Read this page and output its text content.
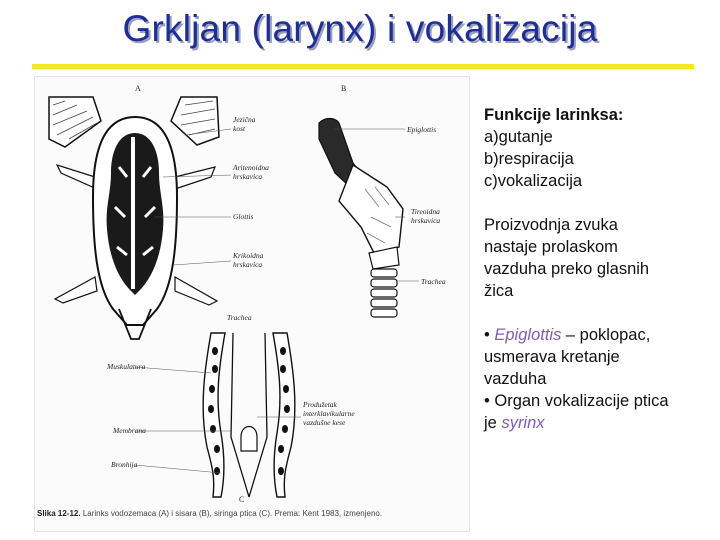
Grkljan (larynx) i vokalizacija
A	B
C
Jezična
kost
Aritenoidna
hrskavica
Glottis
Krikoidna
hrskavica
Trachea
Epiglottis
Tireoidna
hrskavica
Trachea
Muskulatura
Membrana
Bronhija
Produžetak
interklavikularne
vazdušne kese
Slika 12-12. Larinks vodozemaca (A) i sisara (B), siringa ptica (C). Prema: Kent 1983, izmenjeno.

Funkcije larinksa:

a)gutanje

b)respiracija

c)vokalizacija

Proizvodnja zvuka

nastaje prolaskom

vazduha preko glasnih

žica

• Epiglottis – poklopac,

usmerava kretanje

vazduha

• Organ vokalizacije ptica

je syrinx
